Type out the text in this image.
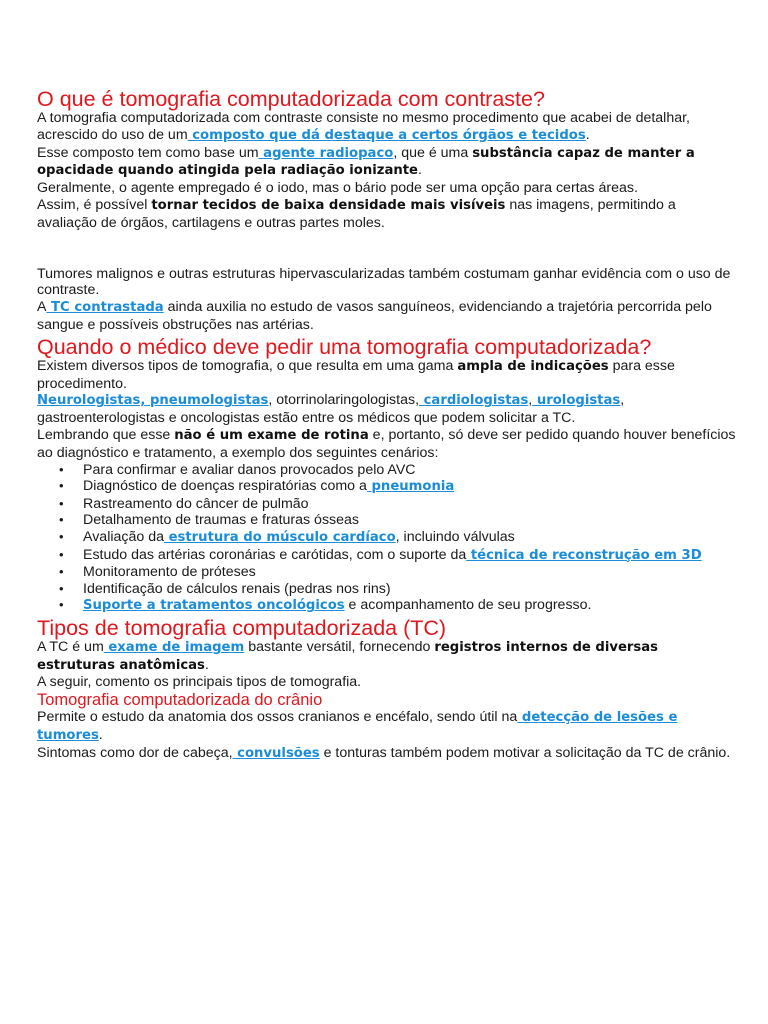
O que é tomografia computadorizada com contraste?

A tomografia computadorizada com contraste consiste no mesmo procedimento que acabei de detalhar, acrescido do uso de um composto que dá destaque a certos órgãos e tecidos.
Esse composto tem como base um agente radiopaco, que é uma substância capaz de manter a opacidade quando atingida pela radiação ionizante.
Geralmente, o agente empregado é o iodo, mas o bário pode ser uma opção para certas áreas.
Assim, é possível tornar tecidos de baixa densidade mais visíveis nas imagens, permitindo a avaliação de órgãos, cartilagens e outras partes moles.

Tumores malignos e outras estruturas hipervascularizadas também costumam ganhar evidência com o uso de contraste.
A TC contrastada ainda auxilia no estudo de vasos sanguíneos, evidenciando a trajetória percorrida pelo sangue e possíveis obstruções nas artérias.

Quando o médico deve pedir uma tomografia computadorizada?

Existem diversos tipos de tomografia, o que resulta em uma gama ampla de indicações para esse procedimento.
Neurologistas, pneumologistas, otorrinolaringologistas, cardiologistas, urologistas, gastroenterologistas e oncologistas estão entre os médicos que podem solicitar a TC.
Lembrando que esse não é um exame de rotina e, portanto, só deve ser pedido quando houver benefícios ao diagnóstico e tratamento, a exemplo dos seguintes cenários:

• Para confirmar e avaliar danos provocados pelo AVC
• Diagnóstico de doenças respiratórias como a pneumonia
• Rastreamento do câncer de pulmão
• Detalhamento de traumas e fraturas ósseas
• Avaliação da estrutura do músculo cardíaco, incluindo válvulas
• Estudo das artérias coronárias e carótidas, com o suporte da técnica de reconstrução em 3D
• Monitoramento de próteses
• Identificação de cálculos renais (pedras nos rins)
• Suporte a tratamentos oncológicos e acompanhamento de seu progresso.
Tipos de tomografia computadorizada (TC)

A TC é um exame de imagem bastante versátil, fornecendo registros internos de diversas estruturas anatômicas.
A seguir, comento os principais tipos de tomografia.

Tomografia computadorizada do crânio

Permite o estudo da anatomia dos ossos cranianos e encéfalo, sendo útil na detecção de lesões e tumores.
Sintomas como dor de cabeça, convulsões e tonturas também podem motivar a solicitação da TC de crânio.
